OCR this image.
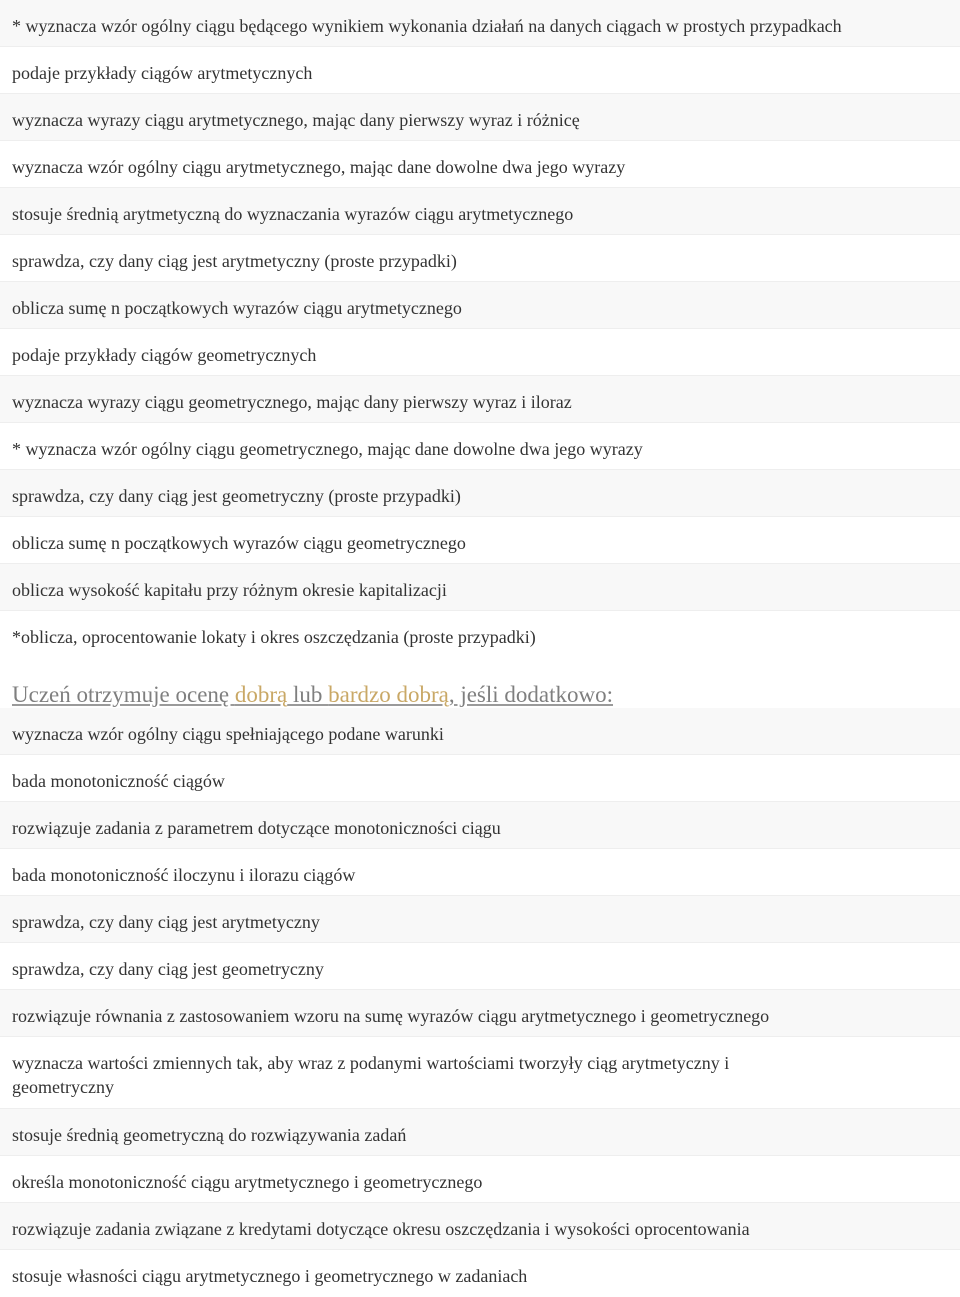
* wyznacza wzór ogólny ciągu będącego wynikiem wykonania działań na danych ciągach w prostych przypadkach
podaje przykłady ciągów arytmetycznych
wyznacza wyrazy ciągu arytmetycznego, mając dany pierwszy wyraz i różnicę
wyznacza wzór ogólny ciągu arytmetycznego, mając dane dowolne dwa jego wyrazy
stosuje średnią arytmetyczną do wyznaczania wyrazów ciągu arytmetycznego
sprawdza, czy dany ciąg jest arytmetyczny (proste przypadki)
oblicza sumę n początkowych wyrazów ciągu arytmetycznego
podaje przykłady ciągów geometrycznych
wyznacza wyrazy ciągu geometrycznego, mając dany pierwszy wyraz i iloraz
* wyznacza wzór ogólny ciągu geometrycznego, mając dane dowolne dwa jego wyrazy
sprawdza, czy dany ciąg jest geometryczny (proste przypadki)
oblicza sumę n początkowych wyrazów ciągu geometrycznego
oblicza wysokość kapitału przy różnym okresie kapitalizacji
*oblicza, oprocentowanie lokaty i okres oszczędzania (proste przypadki)
Uczeń otrzymuje ocenę dobrą lub bardzo dobrą, jeśli dodatkowo:
wyznacza wzór ogólny ciągu spełniającego podane warunki
bada monotoniczność ciągów
rozwiązuje zadania z parametrem dotyczące monotoniczności ciągu
bada monotoniczność iloczynu i ilorazu ciągów
sprawdza, czy dany ciąg jest arytmetyczny
sprawdza, czy dany ciąg jest geometryczny
rozwiązuje równania z zastosowaniem wzoru na sumę wyrazów ciągu arytmetycznego i geometrycznego
wyznacza wartości zmiennych tak, aby wraz z podanymi wartościami tworzyły ciąg arytmetyczny i geometryczny
stosuje średnią geometryczną do rozwiązywania zadań
określa monotoniczność ciągu arytmetycznego i geometrycznego
rozwiązuje zadania związane z kredytami dotyczące okresu oszczędzania i wysokości oprocentowania
stosuje własności ciągu arytmetycznego i geometrycznego w zadaniach
